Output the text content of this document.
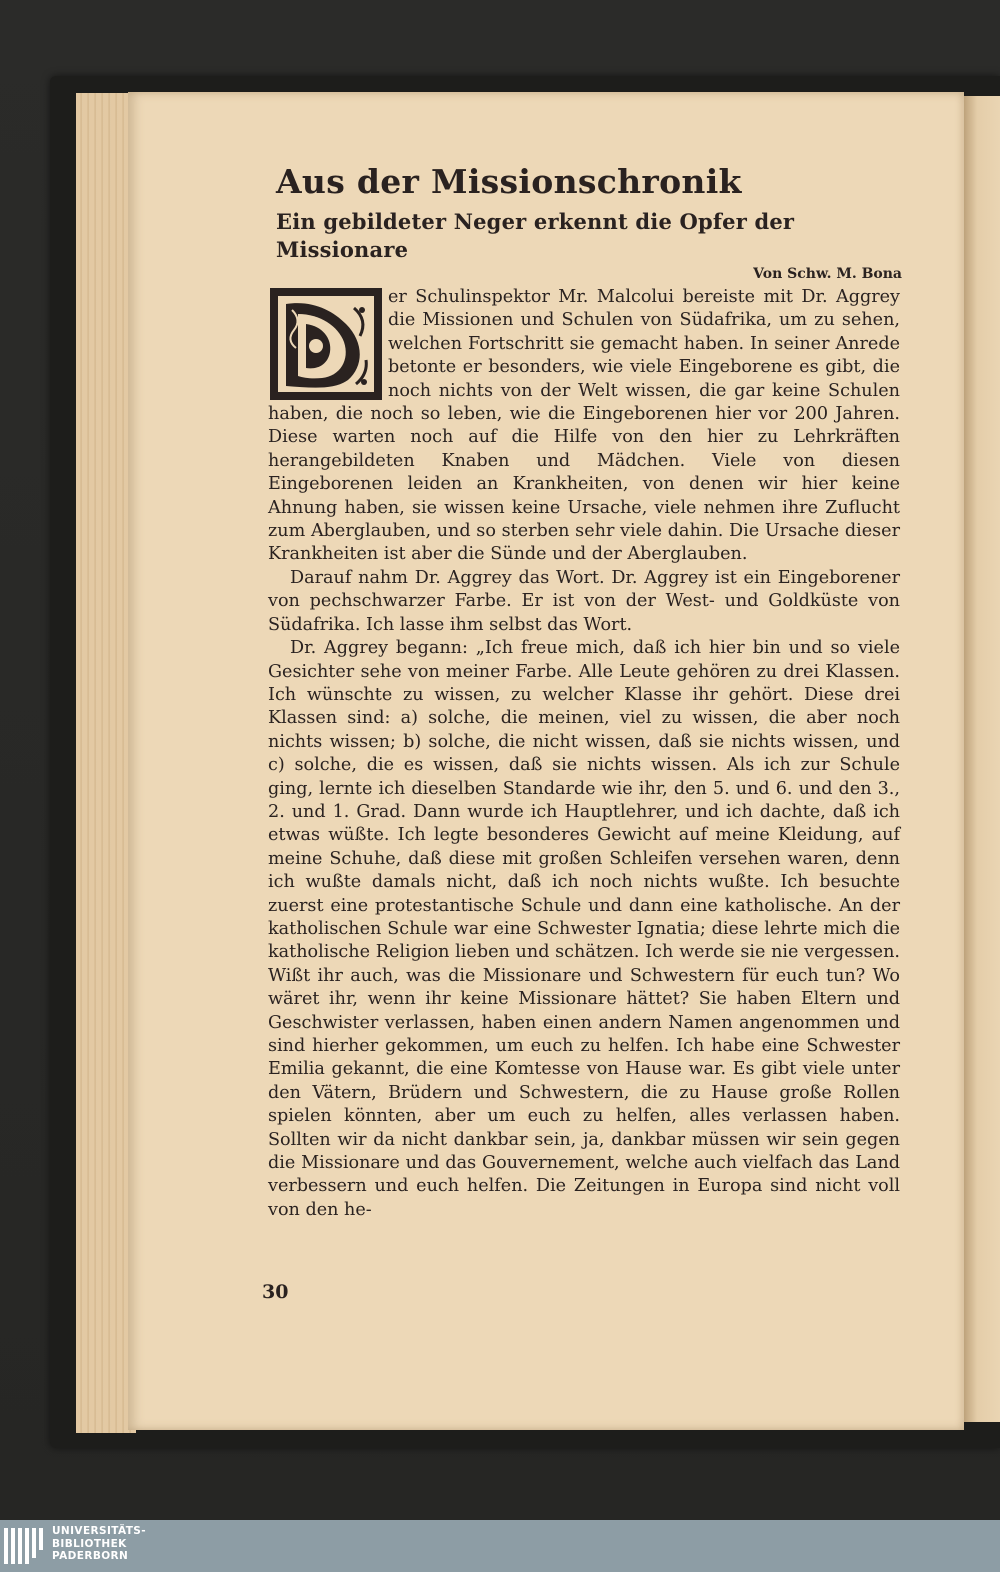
Aus der Missionschronik
Ein gebildeter Neger erkennt die Opfer der Missionare
Von Schw. M. Bona

er Schulinspektor Mr. Malcolui bereiste mit Dr. Aggrey die Missionen und Schulen von Südafrika, um zu sehen, welchen Fortschritt sie gemacht haben. In seiner Anrede betonte er besonders, wie viele Eingeborene es gibt, die noch nichts von der Welt wissen, die gar keine Schulen haben, die noch so leben, wie die Eingeborenen hier vor 200 Jahren. Diese warten noch auf die Hilfe von den hier zu Lehrkräften herangebildeten Knaben und Mädchen. Viele von diesen Eingeborenen leiden an Krankheiten, von denen wir hier keine Ahnung haben, sie wissen keine Ursache, viele nehmen ihre Zuflucht zum Aberglauben, und so sterben sehr viele dahin. Die Ursache dieser Krankheiten ist aber die Sünde und der Aberglauben.

Darauf nahm Dr. Aggrey das Wort. Dr. Aggrey ist ein Eingeborener von pechschwarzer Farbe. Er ist von der West- und Goldküste von Südafrika. Ich lasse ihm selbst das Wort.

Dr. Aggrey begann: „Ich freue mich, daß ich hier bin und so viele Gesichter sehe von meiner Farbe. Alle Leute gehören zu drei Klassen. Ich wünschte zu wissen, zu welcher Klasse ihr gehört. Diese drei Klassen sind: a) solche, die meinen, viel zu wissen, die aber noch nichts wissen; b) solche, die nicht wissen, daß sie nichts wissen, und c) solche, die es wissen, daß sie nichts wissen. Als ich zur Schule ging, lernte ich dieselben Standarde wie ihr, den 5. und 6. und den 3., 2. und 1. Grad. Dann wurde ich Hauptlehrer, und ich dachte, daß ich etwas wüßte. Ich legte besonderes Gewicht auf meine Kleidung, auf meine Schuhe, daß diese mit großen Schleifen versehen waren, denn ich wußte damals nicht, daß ich noch nichts wußte. Ich besuchte zuerst eine protestantische Schule und dann eine katholische. An der katholischen Schule war eine Schwester Ignatia; diese lehrte mich die katholische Religion lieben und schätzen. Ich werde sie nie vergessen. Wißt ihr auch, was die Missionare und Schwestern für euch tun? Wo wäret ihr, wenn ihr keine Missionare hättet? Sie haben Eltern und Geschwister verlassen, haben einen andern Namen angenommen und sind hierher gekommen, um euch zu helfen. Ich habe eine Schwester Emilia gekannt, die eine Komtesse von Hause war. Es gibt viele unter den Vätern, Brüdern und Schwestern, die zu Hause große Rollen spielen könnten, aber um euch zu helfen, alles verlassen haben. Sollten wir da nicht dankbar sein, ja, dankbar müssen wir sein gegen die Missionare und das Gouvernement, welche auch vielfach das Land verbessern und euch helfen. Die Zeitungen in Europa sind nicht voll von den he-

30
UNIVERSITÄTS-
BIBLIOTHEK
PADERBORN
